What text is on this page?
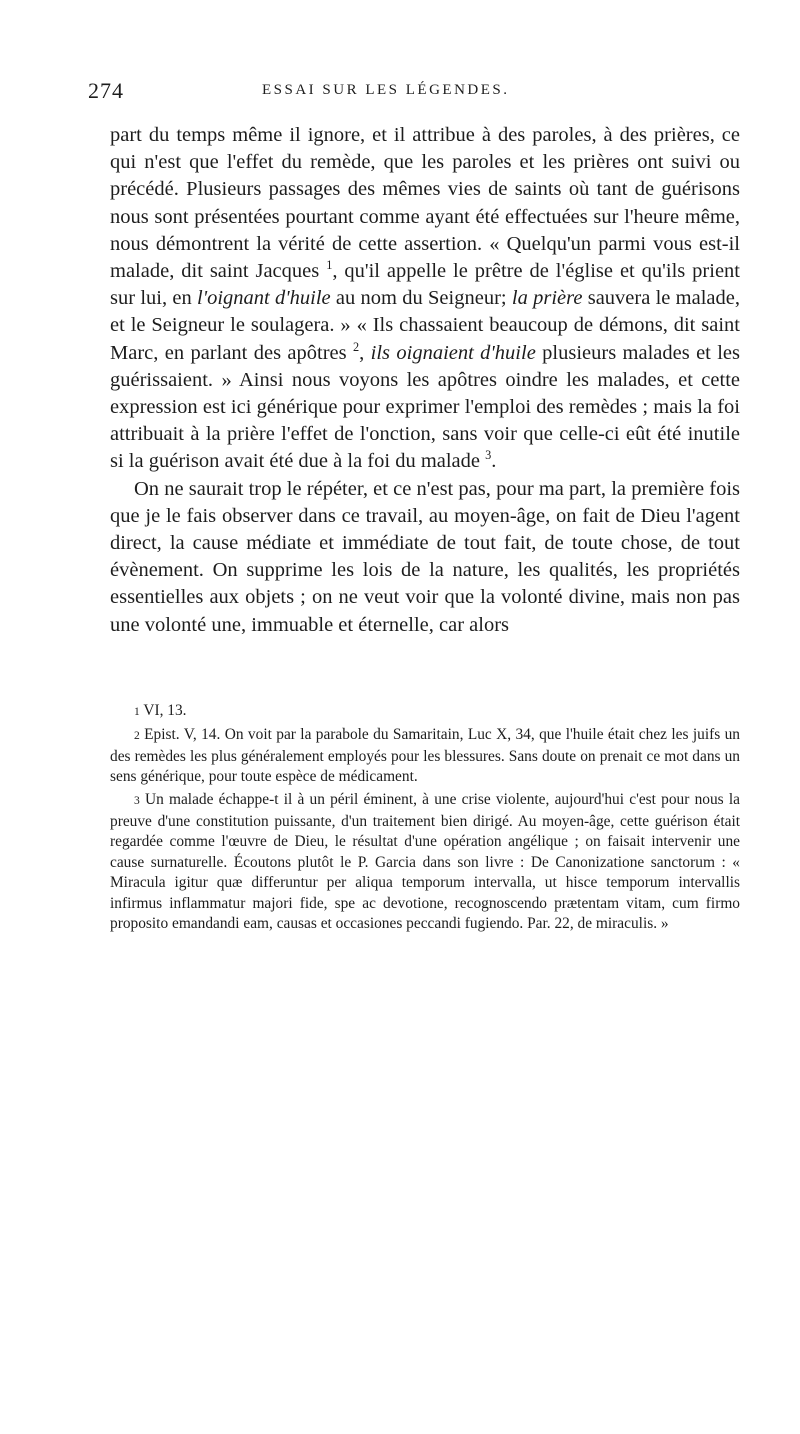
274	ESSAI SUR LES LÉGENDES.

part du temps même il ignore, et il attribue à des paroles, à des prières, ce qui n'est que l'effet du remède, que les paroles et les prières ont suivi ou précédé. Plusieurs passages des mêmes vies de saints où tant de guérisons nous sont présentées pourtant comme ayant été effectuées sur l'heure même, nous démontrent la vérité de cette assertion. « Quelqu'un parmi vous est-il malade, dit saint Jacques $^1$, qu'il appelle le prêtre de l'église et qu'ils prient sur lui, en l'oignant d'huile au nom du Seigneur; la prière sauvera le malade, et le Seigneur le soulagera. » « Ils chassaient beaucoup de démons, dit saint Marc, en parlant des apôtres $^2$, ils oignaient d'huile plusieurs malades et les guérissaient. » Ainsi nous voyons les apôtres oindre les malades, et cette expression est ici générique pour exprimer l'emploi des remèdes ; mais la foi attribuait à la prière l'effet de l'onction, sans voir que celle-ci eût été inutile si la guérison avait été due à la foi du malade $^3$.

On ne saurait trop le répéter, et ce n'est pas, pour ma part, la première fois que je le fais observer dans ce travail, au moyen-âge, on fait de Dieu l'agent direct, la cause médiate et immédiate de tout fait, de toute chose, de tout évènement. On supprime les lois de la nature, les qualités, les propriétés essentielles aux objets ; on ne veut voir que la volonté divine, mais non pas une volonté une, immuable et éternelle, car alors

1 VI, 13.

2 Epist. V, 14. On voit par la parabole du Samaritain, Luc X, 34, que l'huile était chez les juifs un des remèdes les plus généralement employés pour les blessures. Sans doute on prenait ce mot dans un sens générique, pour toute espèce de médicament.

3 Un malade échappe-t il à un péril éminent, à une crise violente, aujourd'hui c'est pour nous la preuve d'une constitution puissante, d'un traitement bien dirigé. Au moyen-âge, cette guérison était regardée comme l'œuvre de Dieu, le résultat d'une opération angélique ; on faisait intervenir une cause surnaturelle. Écoutons plutôt le P. Garcia dans son livre : De Canonizatione sanctorum : « Miracula igitur quæ differuntur per aliqua temporum intervalla, ut hisce temporum intervallis infirmus inflammatur majori fide, spe ac devotione, recognoscendo prætentam vitam, cum firmo proposito emandandi eam, causas et occasiones peccandi fugiendo. Par. 22, de miraculis. »
